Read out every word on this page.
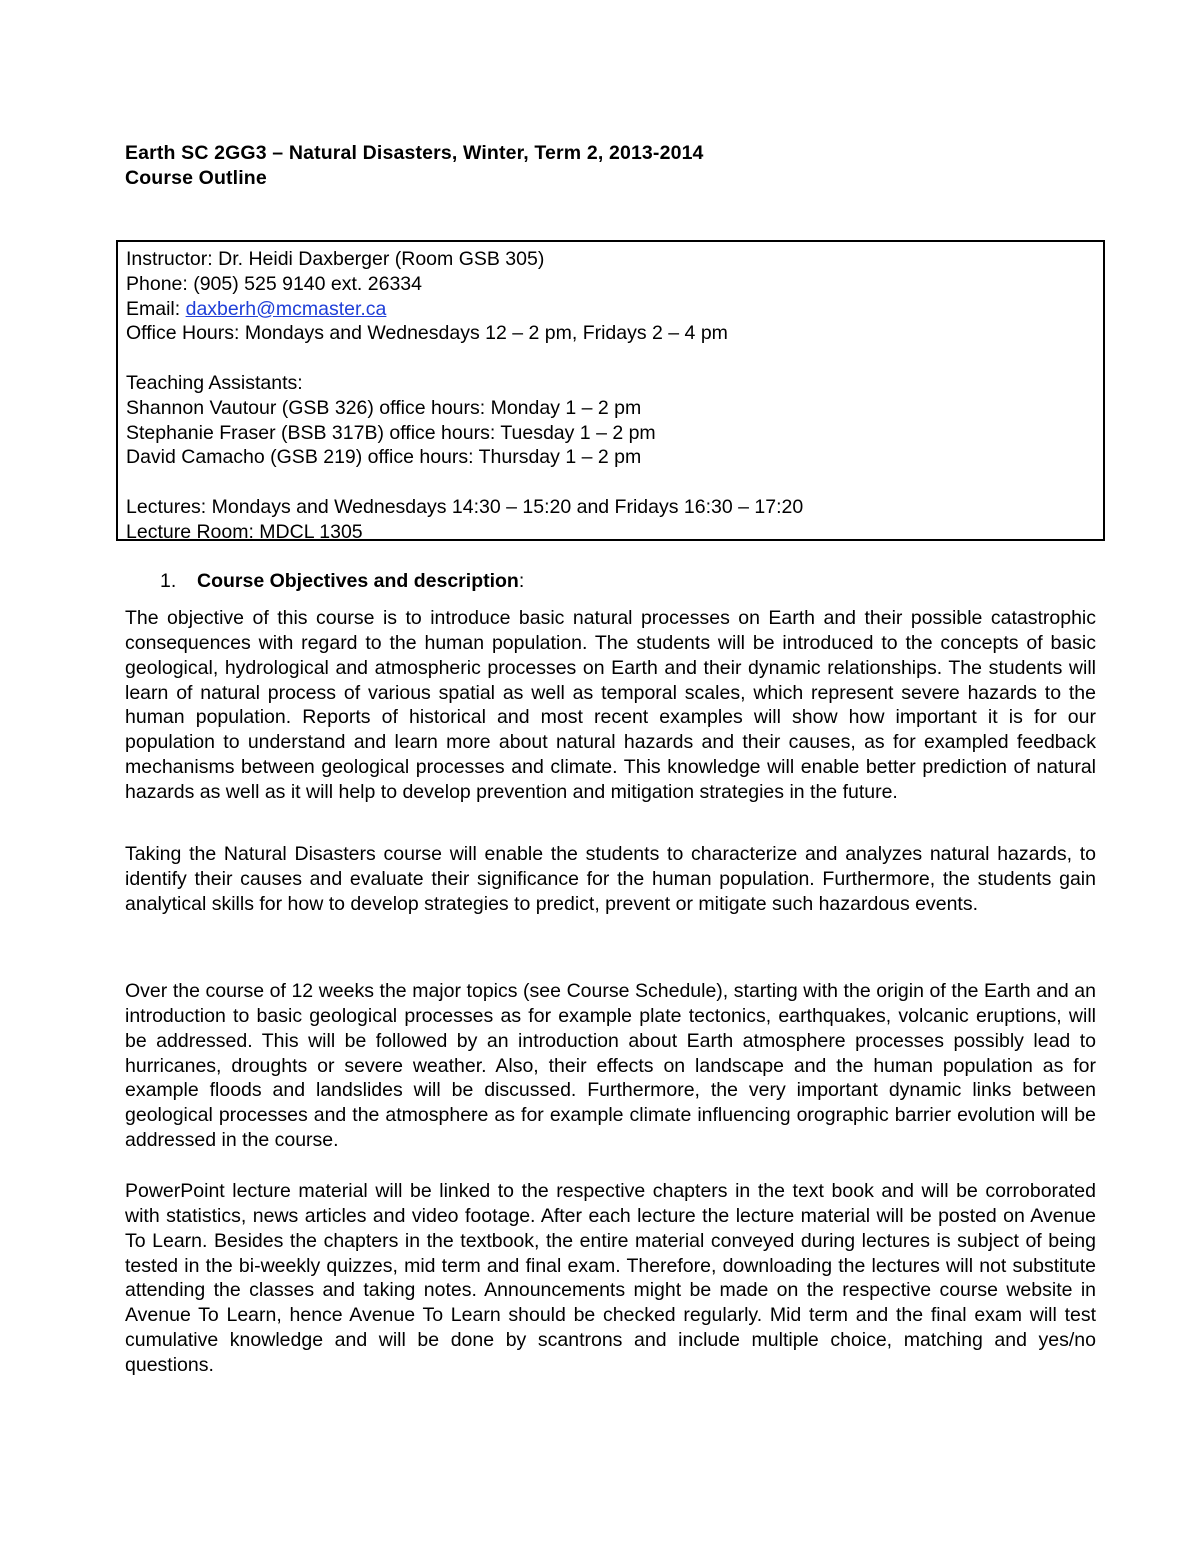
Earth SC 2GG3 – Natural Disasters, Winter, Term 2, 2013-2014
Course Outline
Instructor: Dr. Heidi Daxberger (Room GSB 305)
Phone: (905) 525 9140 ext. 26334
Email: daxberh@mcmaster.ca
Office Hours: Mondays and Wednesdays 12 – 2 pm, Fridays 2 – 4 pm
Teaching Assistants:
Shannon Vautour (GSB 326) office hours: Monday 1 – 2 pm
Stephanie Fraser (BSB 317B) office hours: Tuesday 1 – 2 pm
David Camacho (GSB 219) office hours: Thursday 1 – 2 pm
Lectures: Mondays and Wednesdays 14:30 – 15:20 and Fridays 16:30 – 17:20
Lecture Room: MDCL 1305
1. Course Objectives and description:
The objective of this course is to introduce basic natural processes on Earth and their possible catastrophic consequences with regard to the human population. The students will be introduced to the concepts of basic geological, hydrological and atmospheric processes on Earth and their dynamic relationships. The students will learn of natural process of various spatial as well as temporal scales, which represent severe hazards to the human population. Reports of historical and most recent examples will show how important it is for our population to understand and learn more about natural hazards and their causes, as for exampled feedback mechanisms between geological processes and climate. This knowledge will enable better prediction of natural hazards as well as it will help to develop prevention and mitigation strategies in the future.
Taking the Natural Disasters course will enable the students to characterize and analyzes natural hazards, to identify their causes and evaluate their significance for the human population. Furthermore, the students gain analytical skills for how to develop strategies to predict, prevent or mitigate such hazardous events.
Over the course of 12 weeks the major topics (see Course Schedule), starting with the origin of the Earth and an introduction to basic geological processes as for example plate tectonics, earthquakes, volcanic eruptions, will be addressed. This will be followed by an introduction about Earth atmosphere processes possibly lead to hurricanes, droughts or severe weather. Also, their effects on landscape and the human population as for example floods and landslides will be discussed. Furthermore, the very important dynamic links between geological processes and the atmosphere as for example climate influencing orographic barrier evolution will be addressed in the course.
PowerPoint lecture material will be linked to the respective chapters in the text book and will be corroborated with statistics, news articles and video footage. After each lecture the lecture material will be posted on Avenue To Learn. Besides the chapters in the textbook, the entire material conveyed during lectures is subject of being tested in the bi-weekly quizzes, mid term and final exam. Therefore, downloading the lectures will not substitute attending the classes and taking notes. Announcements might be made on the respective course website in Avenue To Learn, hence Avenue To Learn should be checked regularly. Mid term and the final exam will test cumulative knowledge and will be done by scantrons and include multiple choice, matching and yes/no questions.
